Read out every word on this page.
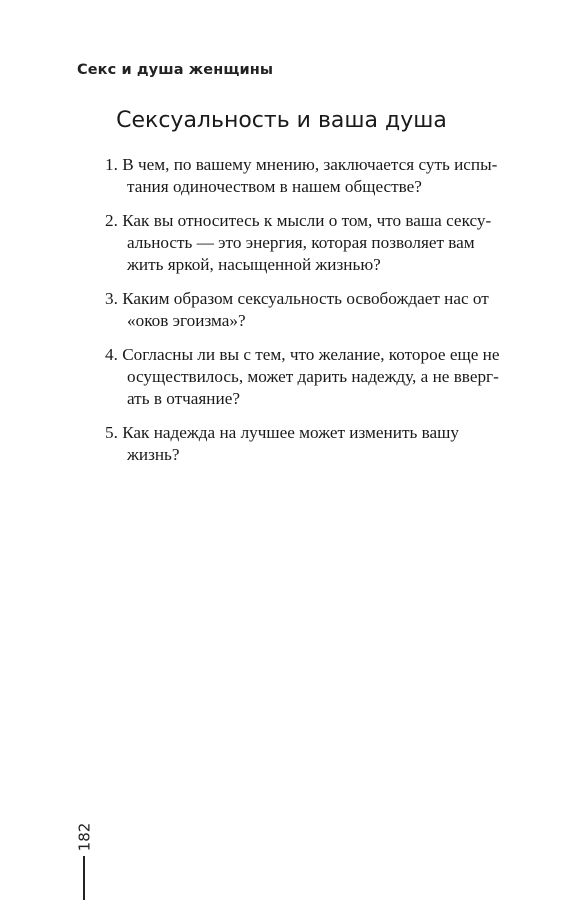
Секс и душа женщины
Сексуальность и ваша душа
1. В чем, по вашему мнению, заключается суть испы-
тания одиночеством в нашем обществе?
2. Как вы относитесь к мысли о том, что ваша сексу-
альность — это энергия, которая позволяет вам
жить яркой, насыщенной жизнью?
3. Каким образом сексуальность освобождает нас от
«оков эгоизма»?
4. Согласны ли вы с тем, что желание, которое еще не
осуществилось, может дарить надежду, а не вверг-
ать в отчаяние?
5. Как надежда на лучшее может изменить вашу
жизнь?
182
